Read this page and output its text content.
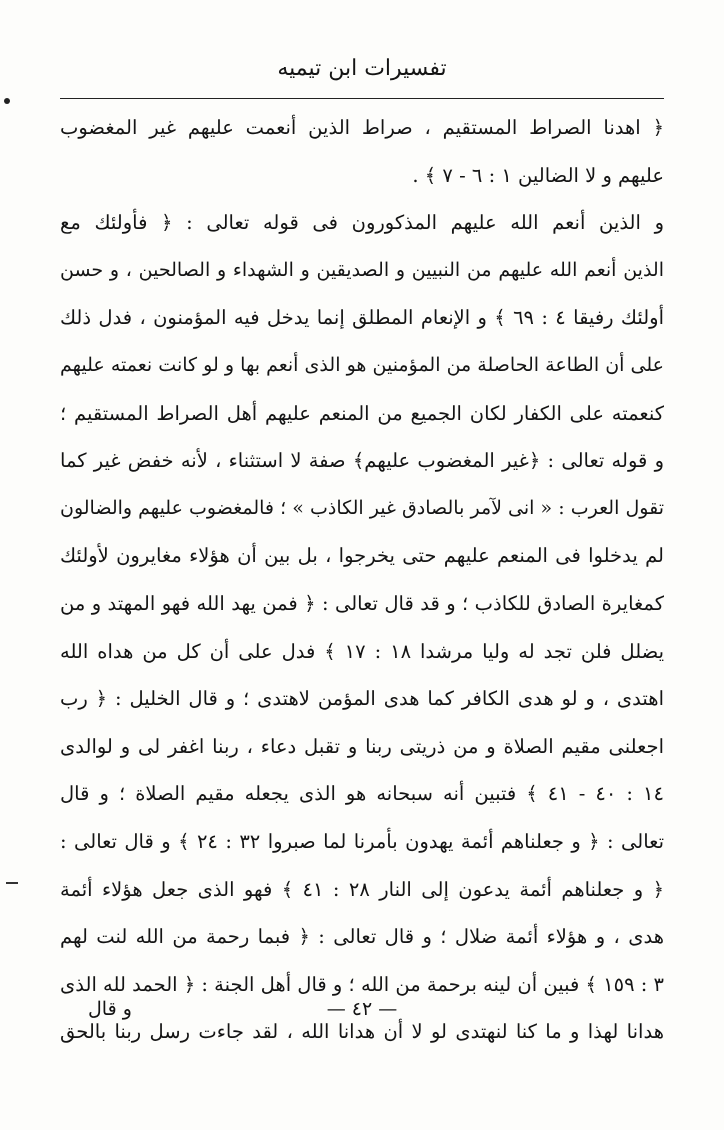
تفسيرات ابن تيميه
﴿ اهدنا الصراط المستقيم ، صراط الذين أنعمت عليهم غير المغضوب
عليهم و لا الضالين ١ : ٦ - ٧ ﴾ .
و الذين أنعم الله عليهم المذكورون فى قوله تعالى : ﴿ فأولئك مع
الذين أنعم الله عليهم من النبيين و الصديقين و الشهداء و الصالحين ، و حسن
أولئك رفيقا ٤ : ٦٩ ﴾ و الإنعام المطلق إنما يدخل فيه المؤمنون ، فدل ذلك
على أن الطاعة الحاصلة من المؤمنين هو الذى أنعم بها و لو كانت نعمته عليهم
كنعمته على الكفار لكان الجميع من المنعم عليهم أهل الصراط المستقيم ؛
و قوله تعالى : ﴿غير المغضوب عليهم﴾ صفة لا استثناء ، لأنه خفض غير كما
تقول العرب : « انى لآمر بالصادق غير الكاذب » ؛ فالمغضوب عليهم والضالون
لم يدخلوا فى المنعم عليهم حتى يخرجوا ، بل بين أن هؤلاء مغايرون لأولئك
كمغايرة الصادق للكاذب ؛ و قد قال تعالى : ﴿ فمن يهد الله فهو المهتد و من
يضلل فلن تجد له وليا مرشدا ١٨ : ١٧ ﴾ فدل على أن كل من هداه الله
اهتدى ، و لو هدى الكافر كما هدى المؤمن لاهتدى ؛ و قال الخليل : ﴿ رب
اجعلنى مقيم الصلاة و من ذريتى ربنا و تقبل دعاء ، ربنا اغفر لى و لوالدى
١٤ : ٤٠ - ٤١ ﴾ فتبين أنه سبحانه هو الذى يجعله مقيم الصلاة ؛ و قال
تعالى : ﴿ و جعلناهم أئمة يهدون بأمرنا لما صبروا ٣٢ : ٢٤ ﴾ و قال تعالى :
﴿ و جعلناهم أئمة يدعون إلى النار ٢٨ : ٤١ ﴾ فهو الذى جعل هؤلاء أئمة
هدى ، و هؤلاء أئمة ضلال ؛ و قال تعالى : ﴿ فبما رحمة من الله لنت لهم
٣ : ١٥٩ ﴾ فبين أن لينه برحمة من الله ؛ و قال أهل الجنة : ﴿ الحمد لله الذى
هدانا لهذا و ما كنا لنهتدى لو لا أن هدانا الله ، لقد جاءت رسل ربنا بالحق
— ٤٢ —
و قال
